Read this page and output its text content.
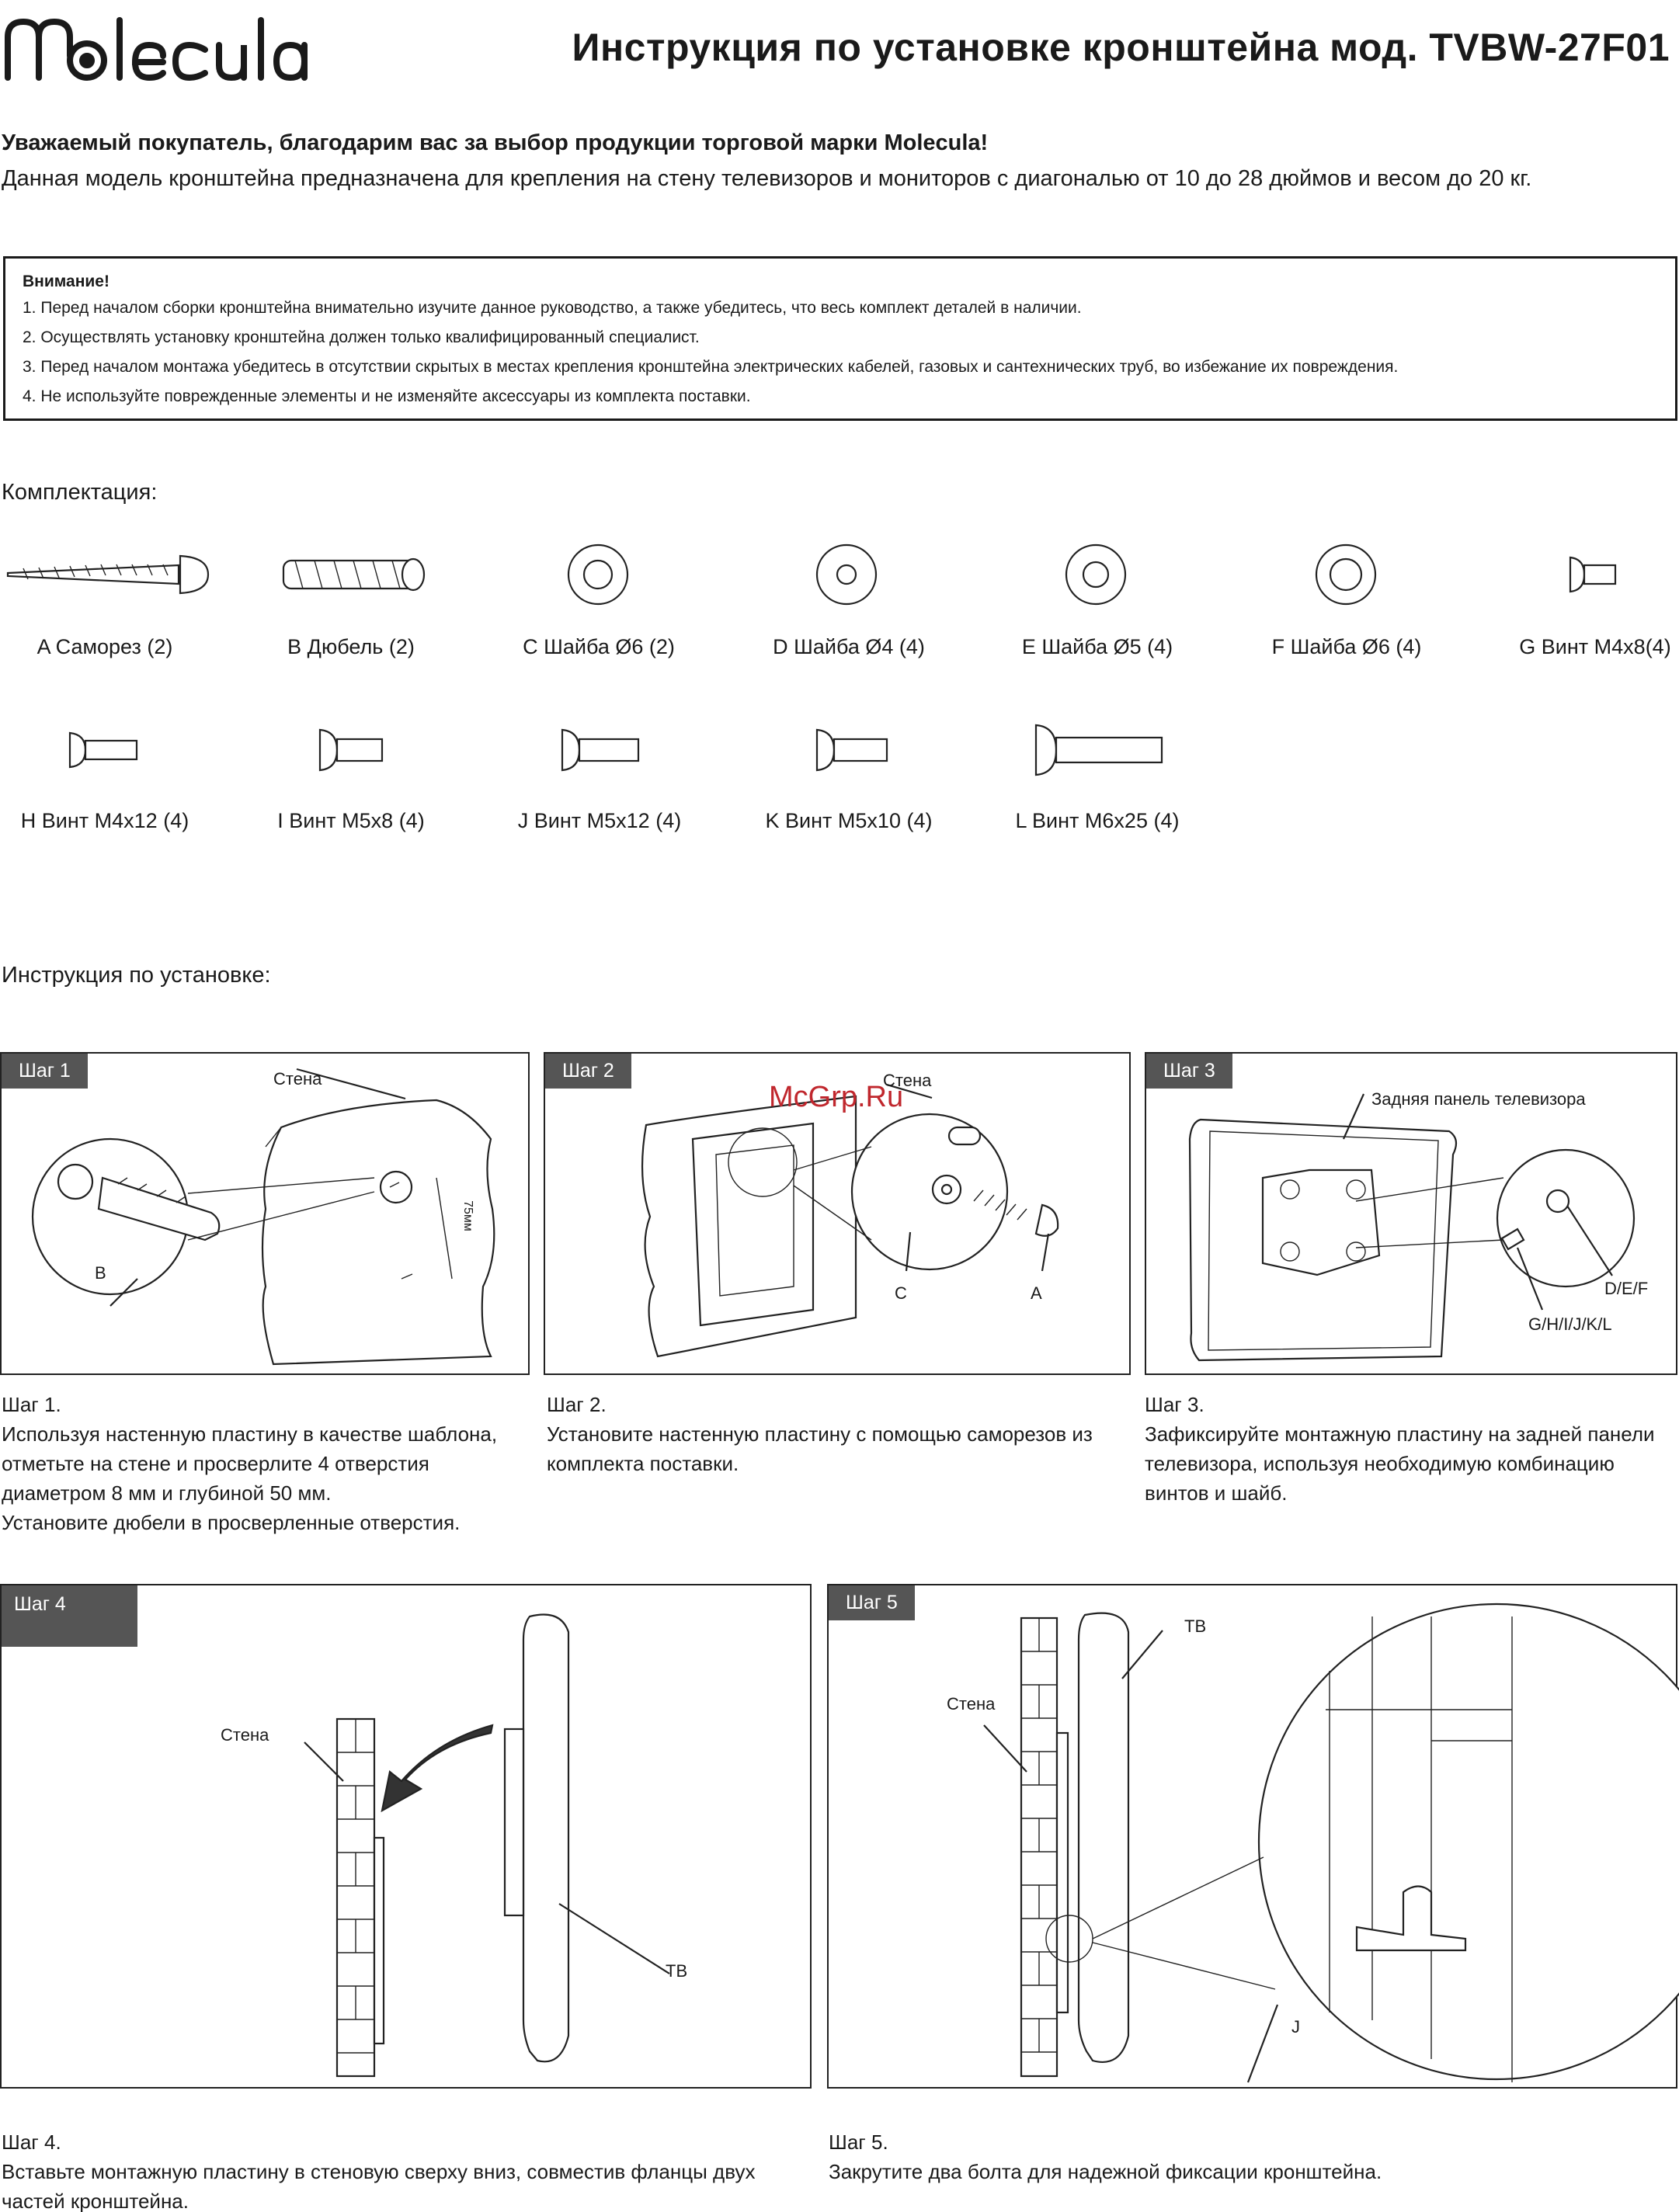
Инструкция по установке кронштейна мод. TVBW-27F01
Уважаемый покупатель, благодарим вас за выбор продукции торговой марки Molecula!
Данная модель кронштейна предназначена для крепления на стену телевизоров и мониторов с диагональю от 10 до 28 дюймов и весом до 20 кг.
Внимание!
1. Перед началом сборки кронштейна внимательно изучите данное руководство, а также убедитесь, что весь комплект деталей в наличии.
2. Осуществлять установку кронштейна должен только квалифицированный специалист.
3. Перед началом монтажа убедитесь в отсутствии скрытых в местах крепления кронштейна электрических кабелей, газовых и сантехнических труб, во избежание их повреждения.
4. Не используйте поврежденные элементы и не изменяйте аксессуары из комплекта поставки.
Комплектация:
A Саморез (2)	B Дюбель (2)	C Шайба Ø6 (2)	D Шайба Ø4 (4)	E Шайба Ø5 (4)	F Шайба Ø6 (4)	G Винт M4x8(4)
H Винт M4x12 (4)	I Винт M5x8 (4)	J Винт M5x12 (4)	K Винт M5x10 (4)	L Винт M6x25 (4)
Инструкция по установке:
Шаг 1	Стена
B
75мм
Шаг 2	Стена
C	A
Шаг 3
Задняя панель телевизора
D/E/F
G/H/I/J/K/L
Шаг 1.
Используя настенную пластину в качестве шаблона,
отметьте на стене и просверлите 4 отверстия
диаметром 8 мм и глубиной 50 мм.
Установите дюбели в просверленные отверстия.
Шаг 2.
Установите настенную пластину с помощью саморезов из
комплекта поставки.
Шаг 3.
Зафиксируйте монтажную пластину на задней панели
телевизора, используя необходимую комбинацию
винтов и шайб.
Шаг 4
Стена
ТВ
Шаг 5
Стена
ТВ
J
Шаг 4.
Вставьте монтажную пластину в стеновую сверху вниз, совместив фланцы двух
частей кронштейна.
Шаг 5.
Закрутите два болта для надежной фиксации кронштейна.
McGrp.Ru
